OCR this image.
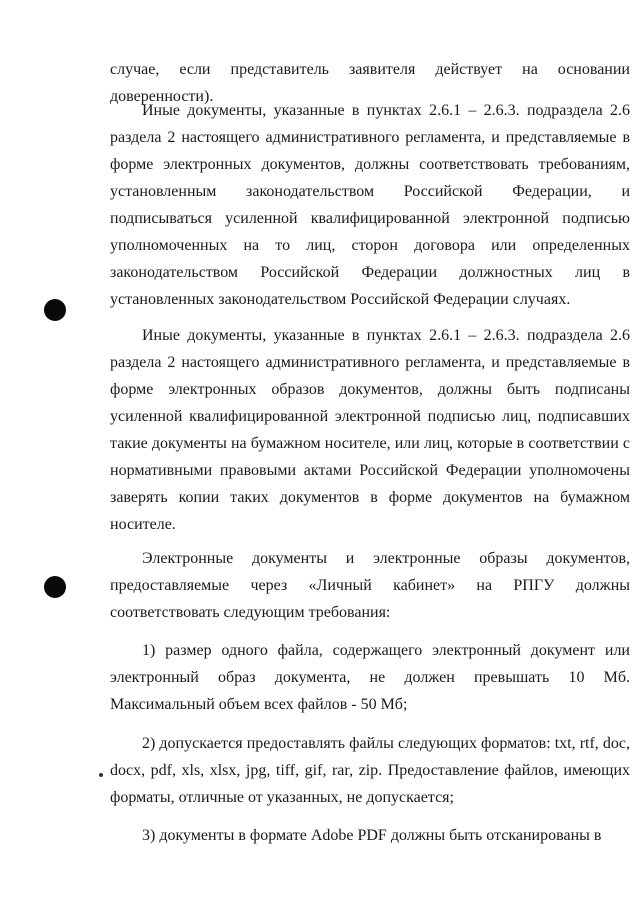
случае, если представитель заявителя действует на основании доверенности).
Иные документы, указанные в пунктах 2.6.1 – 2.6.3. подраздела 2.6 раздела 2 настоящего административного регламента, и представляемые в форме электронных документов, должны соответствовать требованиям, установленным законодательством Российской Федерации, и подписываться усиленной квалифицированной электронной подписью уполномоченных на то лиц, сторон договора или определенных законодательством Российской Федерации должностных лиц в установленных законодательством Российской Федерации случаях.
Иные документы, указанные в пунктах 2.6.1 – 2.6.3. подраздела 2.6 раздела 2 настоящего административного регламента, и представляемые в форме электронных образов документов, должны быть подписаны усиленной квалифицированной электронной подписью лиц, подписавших такие документы на бумажном носителе, или лиц, которые в соответствии с нормативными правовыми актами Российской Федерации уполномочены заверять копии таких документов в форме документов на бумажном носителе.
Электронные документы и электронные образы документов, предоставляемые через «Личный кабинет» на РПГУ должны соответствовать следующим требования:
1) размер одного файла, содержащего электронный документ или электронный образ документа, не должен превышать 10 Мб. Максимальный объем всех файлов - 50 Мб;
2) допускается предоставлять файлы следующих форматов: txt, rtf, doc, docx, pdf, xls, xlsx, jpg, tiff, gif, rar, zip. Предоставление файлов, имеющих форматы, отличные от указанных, не допускается;
3) документы в формате Adobe PDF должны быть отсканированы в
